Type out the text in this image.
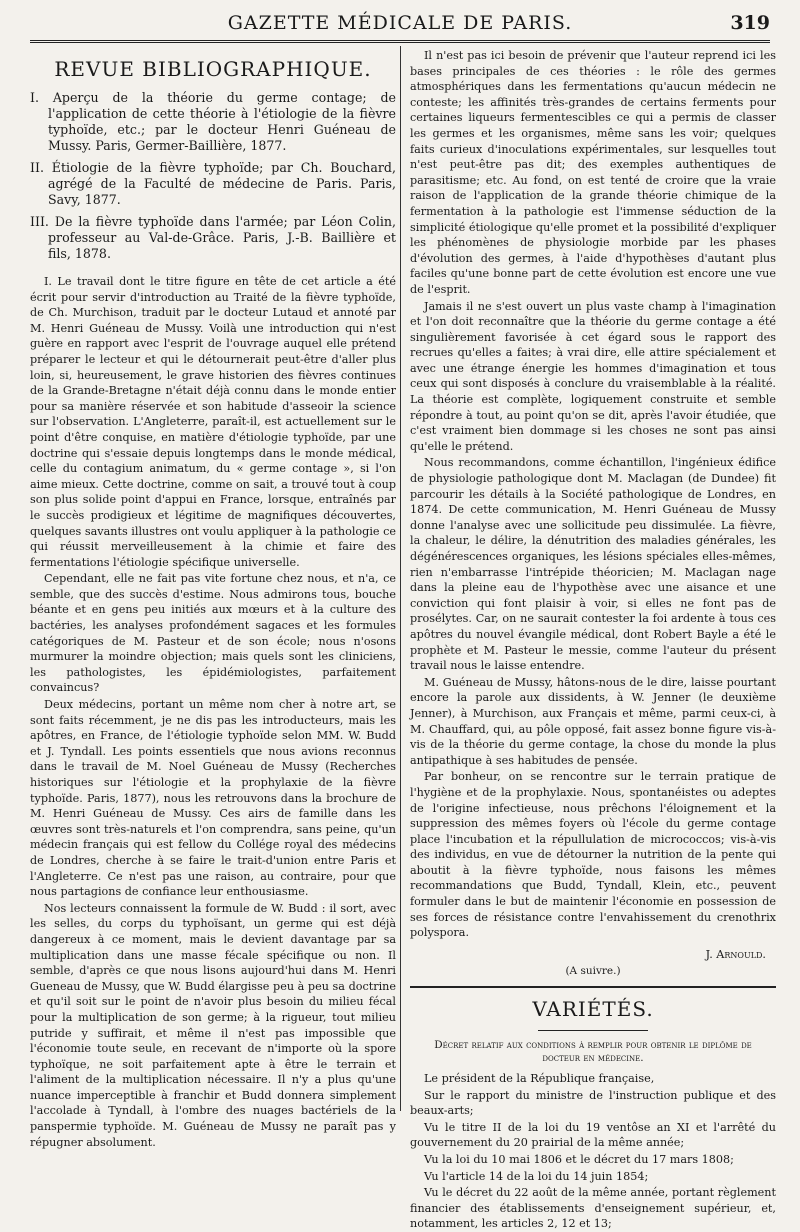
GAZETTE MÉDICALE DE PARIS.	319
REVUE BIBLIOGRAPHIQUE.
I. Aperçu de la théorie du germe contage; de l'application de cette théorie à l'étiologie de la fièvre typhoïde, etc.; par le docteur Henri Guéneau de Mussy. Paris, Germer-Baillière, 1877.
II. Étiologie de la fièvre typhoïde; par Ch. Bouchard, agrégé de la Faculté de médecine de Paris. Paris, Savy, 1877.
III. De la fièvre typhoïde dans l'armée; par Léon Colin, professeur au Val-de-Grâce. Paris, J.-B. Baillière et fils, 1878.

I. Le travail dont le titre figure en tête de cet article a été écrit pour servir d'introduction au Traité de la fièvre typhoïde, de Ch. Murchison, traduit par le docteur Lutaud et annoté par M. Henri Guéneau de Mussy. Voilà une introduction qui n'est guère en rapport avec l'esprit de l'ouvrage auquel elle prétend préparer le lecteur et qui le détournerait peut-être d'aller plus loin, si, heureusement, le grave historien des fièvres continues de la Grande-Bretagne n'était déjà connu dans le monde entier pour sa manière réservée et son habitude d'asseoir la science sur l'observation. L'Angleterre, paraît-il, est actuellement sur le point d'être conquise, en matière d'étiologie typhoïde, par une doctrine qui s'essaie depuis longtemps dans le monde médical, celle du contagium animatum, du « germe contage », si l'on aime mieux. Cette doctrine, comme on sait, a trouvé tout à coup son plus solide point d'appui en France, lorsque, entraînés par le succès prodigieux et légitime de magnifiques découvertes, quelques savants illustres ont voulu appliquer à la pathologie ce qui réussit merveilleusement à la chimie et faire des fermentations l'étiologie spécifique universelle.

Cependant, elle ne fait pas vite fortune chez nous, et n'a, ce semble, que des succès d'estime. Nous admirons tous, bouche béante et en gens peu initiés aux mœurs et à la culture des bactéries, les analyses profondément sagaces et les formules catégoriques de M. Pasteur et de son école; nous n'osons murmurer la moindre objection; mais quels sont les cliniciens, les pathologistes, les épidémiologistes, parfaitement convaincus?

Deux médecins, portant un même nom cher à notre art, se sont faits récemment, je ne dis pas les introducteurs, mais les apôtres, en France, de l'étiologie typhoïde selon MM. W. Budd et J. Tyndall. Les points essentiels que nous avions reconnus dans le travail de M. Noel Guéneau de Mussy (Recherches historiques sur l'étiologie et la prophylaxie de la fièvre typhoïde. Paris, 1877), nous les retrouvons dans la brochure de M. Henri Guéneau de Mussy. Ces airs de famille dans les œuvres sont très-naturels et l'on comprendra, sans peine, qu'un médecin français qui est fellow du Collége royal des médecins de Londres, cherche à se faire le trait-d'union entre Paris et l'Angleterre. Ce n'est pas une raison, au contraire, pour que nous partagions de confiance leur enthousiasme.

Nos lecteurs connaissent la formule de W. Budd : il sort, avec les selles, du corps du typhoïsant, un germe qui est déjà dangereux à ce moment, mais le devient davantage par sa multiplication dans une masse fécale spécifique ou non. Il semble, d'après ce que nous lisons aujourd'hui dans M. Henri Gueneau de Mussy, que W. Budd élargisse peu à peu sa doctrine et qu'il soit sur le point de n'avoir plus besoin du milieu fécal pour la multiplication de son germe; à la rigueur, tout milieu putride y suffirait, et même il n'est pas impossible que l'économie toute seule, en recevant de n'importe où la spore typhoïque, ne soit parfaitement apte à être le terrain et l'aliment de la multiplication nécessaire. Il n'y a plus qu'une nuance imperceptible à franchir et Budd donnera simplement l'accolade à Tyndall, à l'ombre des nuages bactériels de la panspermie typhoïde. M. Guéneau de Mussy ne paraît pas y répugner absolument.

Il n'est pas ici besoin de prévenir que l'auteur reprend ici les bases principales de ces théories : le rôle des germes atmosphériques dans les fermentations qu'aucun médecin ne conteste; les affinités très-grandes de certains ferments pour certaines liqueurs fermentescibles ce qui a permis de classer les germes et les organismes, même sans les voir; quelques faits curieux d'inoculations expérimentales, sur lesquelles tout n'est peut-être pas dit; des exemples authentiques de parasitisme; etc. Au fond, on est tenté de croire que la vraie raison de l'application de la grande théorie chimique de la fermentation à la pathologie est l'immense séduction de la simplicité étiologique qu'elle promet et la possibilité d'expliquer les phénomènes de physiologie morbide par les phases d'évolution des germes, à l'aide d'hypothèses d'autant plus faciles qu'une bonne part de cette évolution est encore une vue de l'esprit.

Jamais il ne s'est ouvert un plus vaste champ à l'imagination et l'on doit reconnaître que la théorie du germe contage a été singulièrement favorisée à cet égard sous le rapport des recrues qu'elles a faites; à vrai dire, elle attire spécialement et avec une étrange énergie les hommes d'imagination et tous ceux qui sont disposés à conclure du vraisemblable à la réalité. La théorie est complète, logiquement construite et semble répondre à tout, au point qu'on se dit, après l'avoir étudiée, que c'est vraiment bien dommage si les choses ne sont pas ainsi qu'elle le prétend.

Nous recommandons, comme échantillon, l'ingénieux édifice de physiologie pathologique dont M. Maclagan (de Dundee) fit parcourir les détails à la Société pathologique de Londres, en 1874. De cette communication, M. Henri Guéneau de Mussy donne l'analyse avec une sollicitude peu dissimulée. La fièvre, la chaleur, le délire, la dénutrition des maladies générales, les dégénérescences organiques, les lésions spéciales elles-mêmes, rien n'embarrasse l'intrépide théoricien; M. Maclagan nage dans la pleine eau de l'hypothèse avec une aisance et une conviction qui font plaisir à voir, si elles ne font pas de prosélytes. Car, on ne saurait contester la foi ardente à tous ces apôtres du nouvel évangile médical, dont Robert Bayle a été le prophète et M. Pasteur le messie, comme l'auteur du présent travail nous le laisse entendre.

M. Guéneau de Mussy, hâtons-nous de le dire, laisse pourtant encore la parole aux dissidents, à W. Jenner (le deuxième Jenner), à Murchison, aux Français et même, parmi ceux-ci, à M. Chauffard, qui, au pôle opposé, fait assez bonne figure vis-à-vis de la théorie du germe contage, la chose du monde la plus antipathique à ses habitudes de pensée.

Par bonheur, on se rencontre sur le terrain pratique de l'hygiène et de la prophylaxie. Nous, spontanéistes ou adeptes de l'origine infectieuse, nous prêchons l'éloignement et la suppression des mêmes foyers où l'école du germe contage place l'incubation et la répullulation de micrococcos; vis-à-vis des individus, en vue de détourner la nutrition de la pente qui aboutit à la fièvre typhoïde, nous faisons les mêmes recommandations que Budd, Tyndall, Klein, etc., peuvent formuler dans le but de maintenir l'économie en possession de ses forces de résistance contre l'envahissement du crenothrix polyspora.

J. Arnould.
(A suivre.)
VARIÉTÉS.
Décret relatif aux conditions à remplir pour obtenir le diplôme de docteur en médecine.

Le président de la République française,

Sur le rapport du ministre de l'instruction publique et des beaux-arts;

Vu le titre II de la loi du 19 ventôse an XI et l'arrêté du gouvernement du 20 prairial de la même année;

Vu la loi du 10 mai 1806 et le décret du 17 mars 1808;

Vu l'article 14 de la loi du 14 juin 1854;

Vu le décret du 22 août de la même année, portant règlement financier des établissements d'enseignement supérieur, et, notamment, les articles 2, 12 et 13;
